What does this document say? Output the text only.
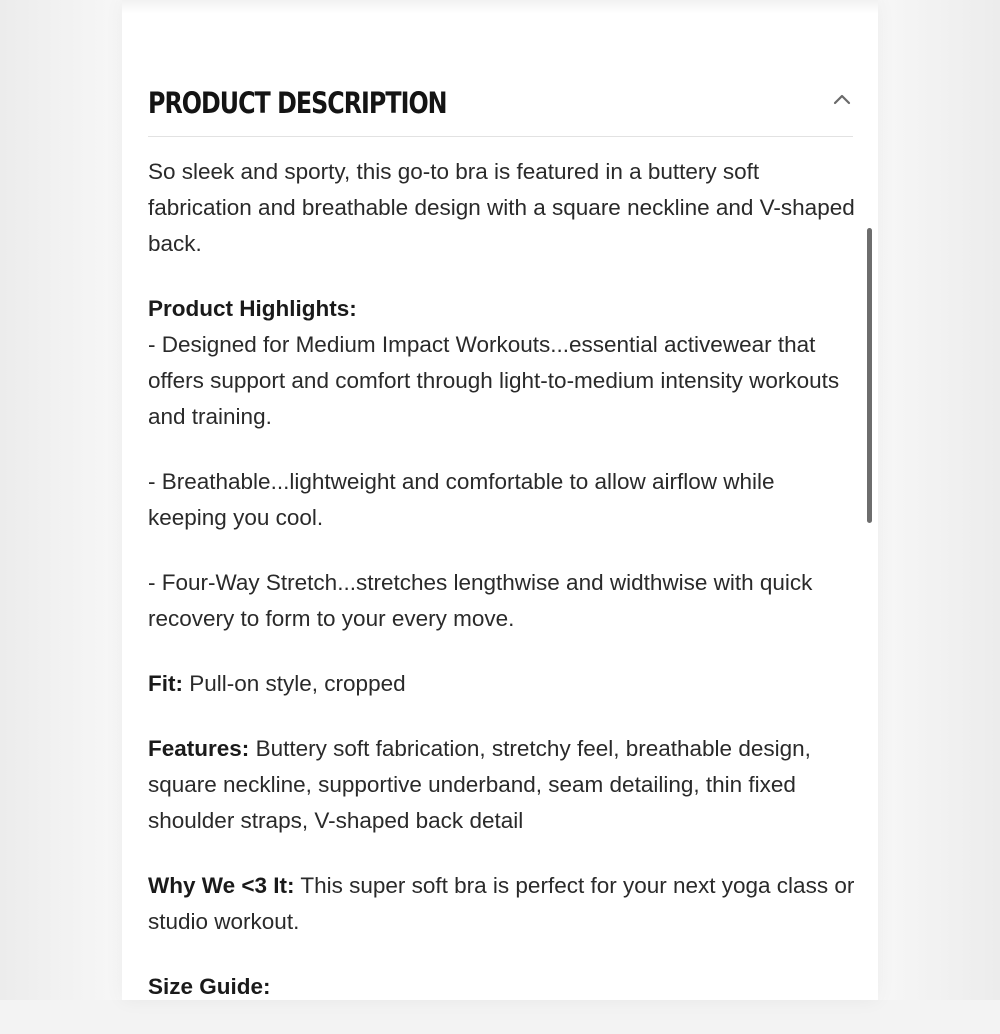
PRODUCT DESCRIPTION

So sleek and sporty, this go-to bra is featured in a buttery soft fabrication and breathable design with a square neckline and V-shaped back.

Product Highlights:
- Designed for Medium Impact Workouts...essential activewear that offers support and comfort through light-to-medium intensity workouts and training.

- Breathable...lightweight and comfortable to allow airflow while keeping you cool.

- Four-Way Stretch...stretches lengthwise and widthwise with quick recovery to form to your every move.

Fit: Pull-on style, cropped

Features: Buttery soft fabrication, stretchy feel, breathable design, square neckline, supportive underband, seam detailing, thin fixed shoulder straps, V-shaped back detail

Why We <3 It: This super soft bra is perfect for your next yoga class or studio workout.

Size Guide:
